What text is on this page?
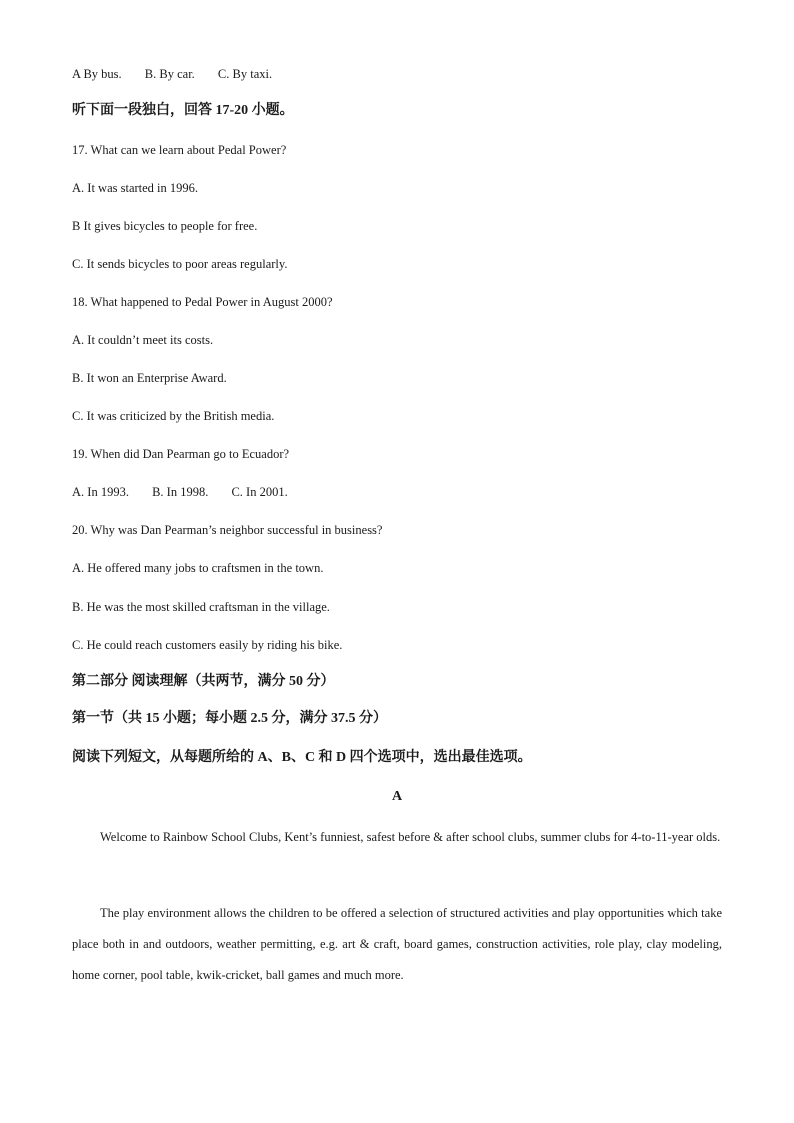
A By bus. B. By car. C. By taxi.
听下面一段独白，回答 17-20 小题。
17. What can we learn about Pedal Power?
A. It was started in 1996.
B It gives bicycles to people for free.
C. It sends bicycles to poor areas regularly.
18. What happened to Pedal Power in August 2000?
A. It couldn’t meet its costs.
B. It won an Enterprise Award.
C. It was criticized by the British media.
19. When did Dan Pearman go to Ecuador?
A. In 1993. B. In 1998. C. In 2001.
20. Why was Dan Pearman’s neighbor successful in business?
A. He offered many jobs to craftsmen in the town.
B. He was the most skilled craftsman in the village.
C. He could reach customers easily by riding his bike.
第二部分 阅读理解（共两节，满分 50 分）
第一节（共 15 小题；每小题 2.5 分，满分 37.5 分）
阅读下列短文，从每题所给的 A、B、C 和 D 四个选项中，选出最佳选项。
A
Welcome to Rainbow School Clubs, Kent’s funniest, safest before & after school clubs, summer clubs for 4-to-11-year olds.
The play environment allows the children to be offered a selection of structured activities and play opportunities which take place both in and outdoors, weather permitting, e.g. art & craft, board games, construction activities, role play, clay modeling, home corner, pool table, kwik-cricket, ball games and much more.
